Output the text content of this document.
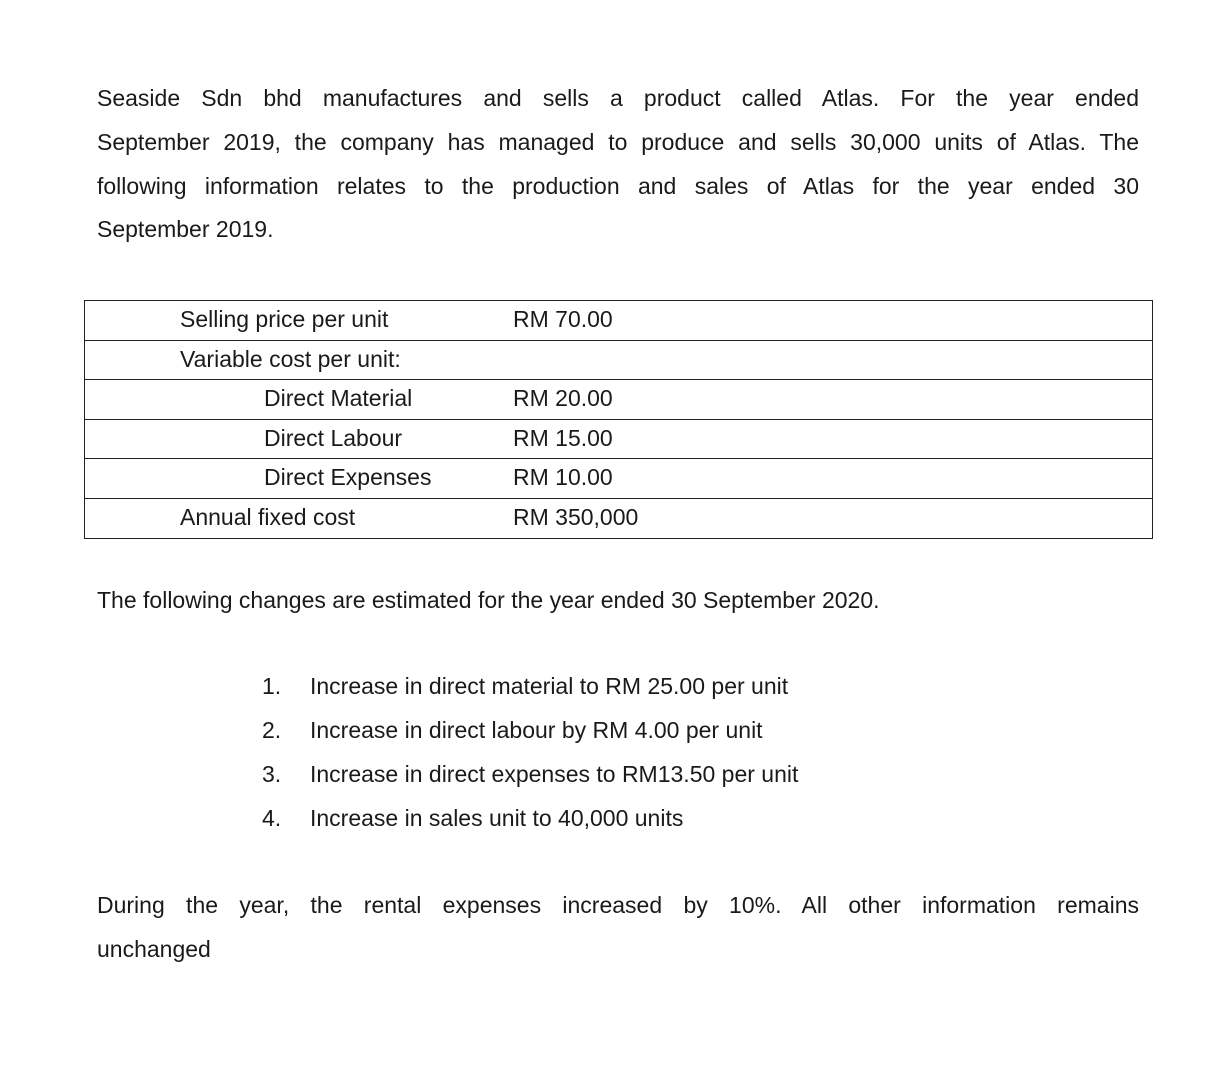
Seaside Sdn bhd manufactures and sells a product called Atlas. For the year ended
September 2019, the company has managed to produce and sells 30,000 units of Atlas. The
following information relates to the production and sales of Atlas for the year ended 30
September 2019.
Selling price per unit	RM 70.00
Variable cost per unit:
Direct Material	RM 20.00
Direct Labour	RM 15.00
Direct Expenses	RM 10.00
Annual fixed cost	RM 350,000
The following changes are estimated for the year ended 30 September 2020.
1. Increase in direct material to RM 25.00 per unit
2. Increase in direct labour by RM 4.00 per unit
3. Increase in direct expenses to RM13.50 per unit
4. Increase in sales unit to 40,000 units
During the year, the rental expenses increased by 10%. All other information remains
unchanged
